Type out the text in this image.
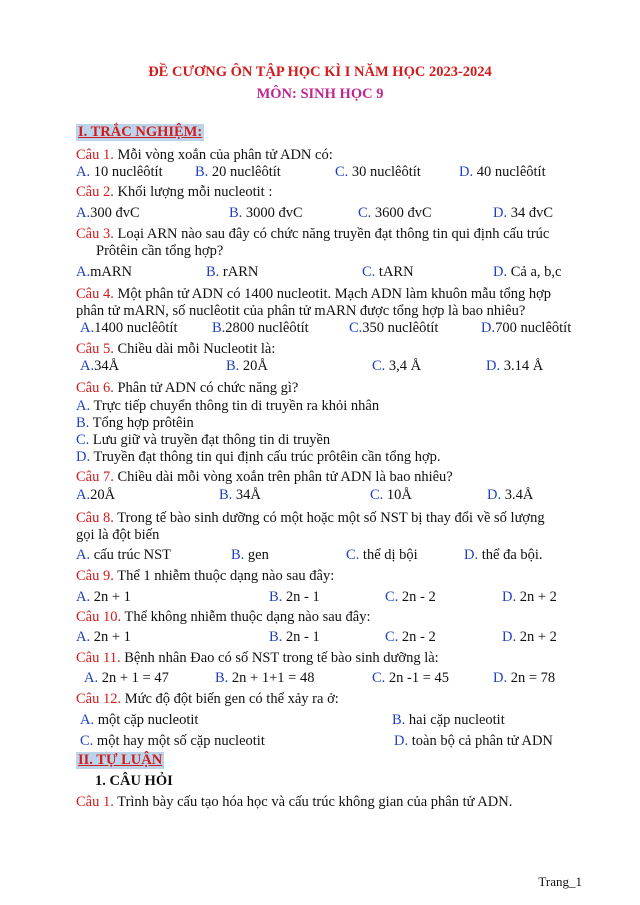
ĐỀ CƯƠNG ÔN TẬP HỌC KÌ I NĂM HỌC 2023-2024
MÔN: SINH HỌC 9
I. TRẮC NGHIỆM:
Câu 1. Mỗi vòng xoắn của phân tử ADN có:
A. 10 nuclêôtít B. 20 nuclêôtít	C. 30 nuclêôtít	D. 40 nuclêôtít
Câu 2. Khối lượng mỗi nucleotit :
A.300 đvC	B. 3000 đvC	C. 3600 đvC	D. 34 đvC
Câu 3. Loại ARN nào sau đây có chức năng truyền đạt thông tin qui định cấu trúc
Prôtêin cần tổng hợp?
A.mARN	B. rARN	C. tARN	D. Cả a, b,c
Câu 4. Một phân tử ADN có 1400 nucleotit. Mạch ADN làm khuôn mẫu tổng hợp
phân tử mARN, số nuclêotit của phân tử mARN được tổng hợp là bao nhiêu?
A.1400 nuclêôtít B.2800 nuclêôtít	C.350 nuclêôtít	D.700 nuclêôtít
Câu 5. Chiều dài mỗi Nucleotit là:
A.34Å	B. 20Å	C. 3,4 Å	D. 3.14 Å
Câu 6. Phân tử ADN có chức năng gì?
A. Trực tiếp chuyển thông tin di truyền ra khỏi nhân
B. Tổng hợp prôtêin
C. Lưu giữ và truyền đạt thông tin di truyền
D. Truyền đạt thông tin qui định cấu trúc prôtêin cần tổng hợp.
Câu 7. Chiều dài mỗi vòng xoắn trên phân tử ADN là bao nhiêu?
A.20Å	B. 34Å	C. 10Å	D. 3.4Å
Câu 8. Trong tế bào sinh dưỡng có một hoặc một số NST bị thay đổi về số lượng
gọi là đột biến
A. cấu trúc NST	B. gen	C. thể dị bội	D. thể đa bội.
Câu 9. Thể 1 nhiễm thuộc dạng nào sau đây:
A. 2n + 1	B. 2n - 1	C. 2n - 2	D. 2n + 2
Câu 10. Thể không nhiễm thuộc dạng nào sau đây:
A. 2n + 1	B. 2n - 1	C. 2n - 2	D. 2n + 2
Câu 11. Bệnh nhân Đao có số NST trong tế bào sinh dưỡng là:
A. 2n + 1 = 47	B. 2n + 1+1 = 48	C. 2n -1 = 45	D. 2n = 78
Câu 12. Mức độ đột biến gen có thể xảy ra ở:
A. một cặp nucleotit	B. hai cặp nucleotit
C. một hay một số cặp nucleotit	D. toàn bộ cả phân tử ADN
II. TỰ LUẬN
1. CÂU HỎI
Câu 1. Trình bày cấu tạo hóa học và cấu trúc không gian của phân tử ADN.
Trang_1
